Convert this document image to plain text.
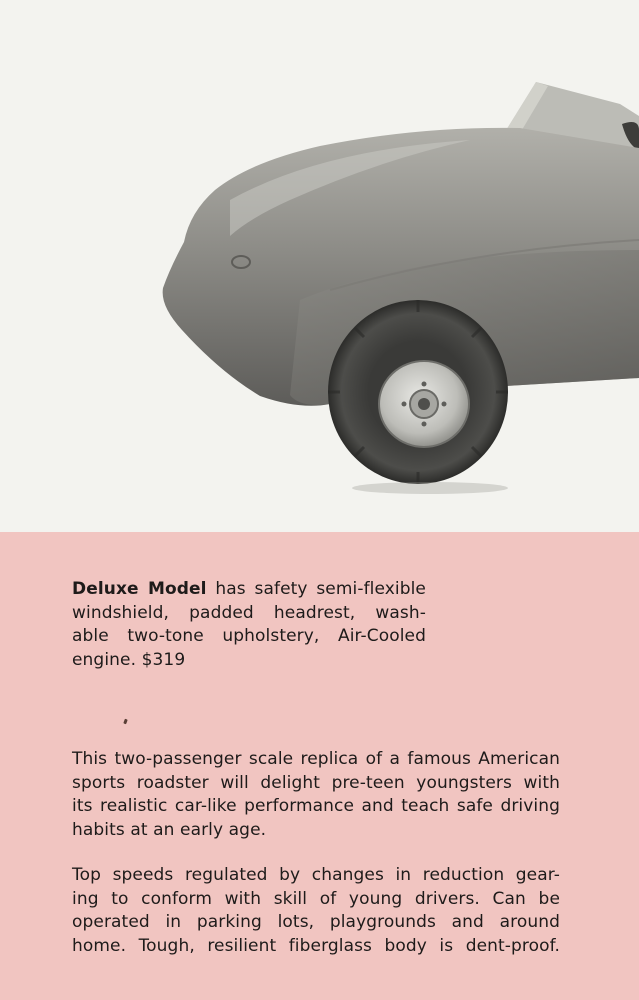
Deluxe Model has safety semi-flexible
windshield, padded headrest, wash-
able two-tone upholstery, Air-Cooled
engine. $319

This two-passenger scale replica of a famous American
sports roadster will delight pre-teen youngsters with
its realistic car-like performance and teach safe driving
habits at an early age.

Top speeds regulated by changes in reduction gear-
ing to conform with skill of young drivers. Can be
operated in parking lots, playgrounds and around
home. Tough, resilient fiberglass body is dent-proof.
